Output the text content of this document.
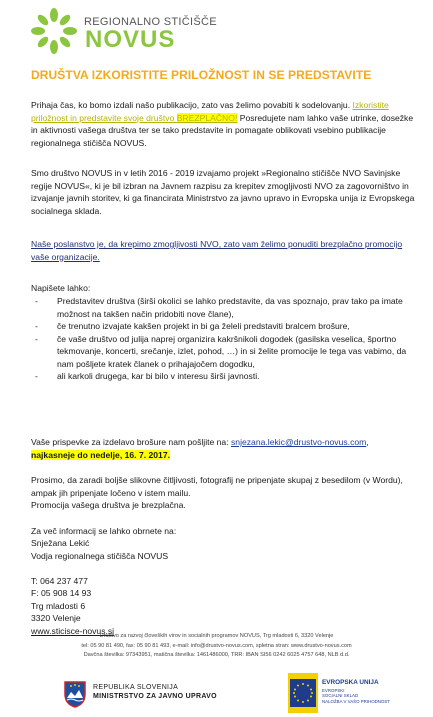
REGIONALNO STIČIŠČE
NOVUS
DRUŠTVA IZKORISTITE PRILOŽNOST IN SE PREDSTAVITE

Prihaja čas, ko bomo izdali našo publikacijo, zato vas želimo povabiti k sodelovanju. Izkoristite priložnost in predstavite svoje društvo BREZPLAČNO! Posredujete nam lahko vaše utrinke, dosežke in aktivnosti vašega društva ter se tako predstavite in pomagate oblikovati vsebino publikacije regionalnega stičišča NOVUS.

Smo društvo NOVUS in v letih 2016 - 2019 izvajamo projekt »Regionalno stičišče NVO Savinjske regije NOVUS«, ki je bil izbran na Javnem razpisu za krepitev zmogljivosti NVO za zagovorništvo in izvajanje javnih storitev, ki ga financirata Ministrstvo za javno upravo in Evropska unija iz Evropskega socialnega sklada.

Naše poslanstvo je, da krepimo zmogljivosti NVO, zato vam želimo ponuditi brezplačno promocijo vaše organizacije.

Napišete lahko:

- Predstavitev društva (širši okolici se lahko predstavite, da vas spoznajo, prav tako pa imate možnost na takšen način pridobiti nove člane),
- če trenutno izvajate kakšen projekt in bi ga želeli predstaviti bralcem brošure,
- če vaše društvo od julija naprej organizira kakršnikoli dogodek (gasilska veselica, športno tekmovanje, koncerti, srečanje, izlet, pohod, …) in si želite promocije le tega vas vabimo, da nam pošljete kratek članek o prihajajočem dogodku,
- ali karkoli drugega, kar bi bilo v interesu širši javnosti.

Vaše prispevke za izdelavo brošure nam pošljite na: snjezana.lekic@drustvo-novus.com,
najkasneje do nedelje, 16. 7. 2017.

Prosimo, da zaradi boljše slikovne čitljivosti, fotografij ne pripenjate skupaj z besedilom (v Wordu), ampak jih pripenjate ločeno v istem mailu.

Promocija vašega društva je brezplačna.

Za več informacij se lahko obrnete na:
Snježana Lekić
Vodja regionalnega stičišča NOVUS

T: 064 237 477
F: 05 908 14 93
Trg mladosti 6
3320 Velenje
www.sticisce-novus.si

Društvo za razvoj človeških virov in socialnih programov NOVUS, Trg mladosti 6, 3320 Velenje
tel: 05 90 81 490, fax: 05 90 81 493, e-mail: info@drustvo-novus.com, spletna stran: www.drustvo-novus.com
Davčna številka: 97343951, matična številka: 1461486000, TRR: IBAN SI56 0242 6025 4757 648, NLB d.d.
REPUBLIKA SLOVENIJA
MINISTRSTVO ZA JAVNO UPRAVO
EVROPSKA UNIJA
EVROPSKI
SOCIALNI SKLAD
NALOŽBA V VAŠO PRIHODNOST
